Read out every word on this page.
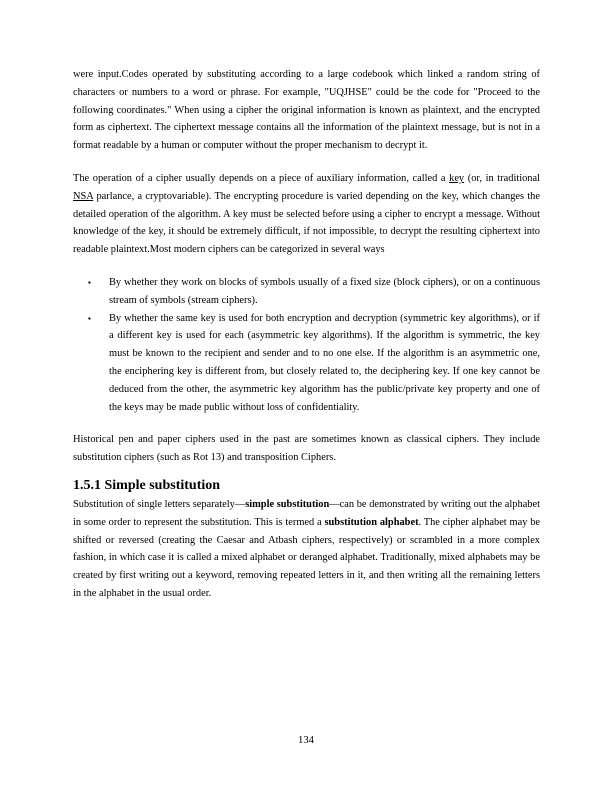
were input.Codes operated by substituting according to a large codebook which linked a random string of characters or numbers to a word or phrase. For example, "UQJHSE" could be the code for "Proceed to the following coordinates." When using a cipher the original information is known as plaintext, and the encrypted form as ciphertext. The ciphertext message contains all the information of the plaintext message, but is not in a format readable by a human or computer without the proper mechanism to decrypt it.

The operation of a cipher usually depends on a piece of auxiliary information, called a key (or, in traditional NSA parlance, a cryptovariable). The encrypting procedure is varied depending on the key, which changes the detailed operation of the algorithm. A key must be selected before using a cipher to encrypt a message. Without knowledge of the key, it should be extremely difficult, if not impossible, to decrypt the resulting ciphertext into readable plaintext.Most modern ciphers can be categorized in several ways

▪ By whether they work on blocks of symbols usually of a fixed size (block ciphers), or on a continuous stream of symbols (stream ciphers).
▪ By whether the same key is used for both encryption and decryption (symmetric key algorithms), or if a different key is used for each (asymmetric key algorithms). If the algorithm is symmetric, the key must be known to the recipient and sender and to no one else. If the algorithm is an asymmetric one, the enciphering key is different from, but closely related to, the deciphering key. If one key cannot be deduced from the other, the asymmetric key algorithm has the public/private key property and one of the keys may be made public without loss of confidentiality.

Historical pen and paper ciphers used in the past are sometimes known as classical ciphers. They include substitution ciphers (such as Rot 13) and transposition Ciphers.

1.5.1 Simple substitution

Substitution of single letters separately—simple substitution—can be demonstrated by writing out the alphabet in some order to represent the substitution. This is termed a substitution alphabet. The cipher alphabet may be shifted or reversed (creating the Caesar and Atbash ciphers, respectively) or scrambled in a more complex fashion, in which case it is called a mixed alphabet or deranged alphabet. Traditionally, mixed alphabets may be created by first writing out a keyword, removing repeated letters in it, and then writing all the remaining letters in the alphabet in the usual order.

134
